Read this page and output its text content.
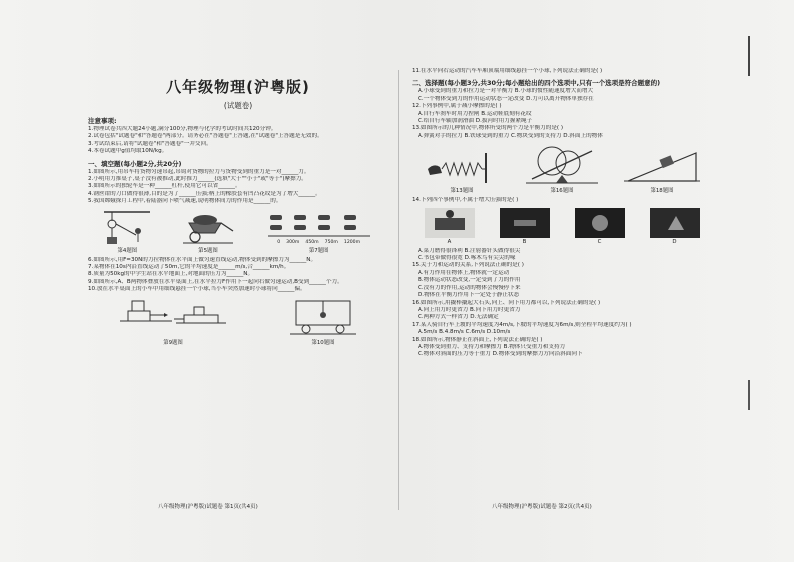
八年级物理(沪粤版)
(试题卷)
注意事项:
1.物理试卷共四大题24小题,满分100分,物理与化学的考试时间共120分钟。
2.试卷包括"试题卷"和"答题卷"两部分。请务必在"答题卷"上答题,在"试题卷"上答题是无效的。
3.考试结束后,请将"试题卷"和"答题卷"一并交回。
4.本卷试题中g值均取10N/kg。
一、填空题(每小题2分,共20分)
1.如图所示,用吊车将货物匀速吊起,吊钩对货物的拉力与货物受到的重力是一对______力。
2.小明用力推桌子,桌子没有被推动,此时推力______(选填"大于""小于"或"等于")摩擦力。
3.如图所示的独轮车是一种______杠杆,使用它可以省______。
4.钢丝钳的刀口做得很薄,目的是为了______压强;柄上的橡胶套有凹凸花纹是为了增大______。
5.我国嫦娥探月工程中,着陆器向下喷气减速,说明物体间力的作用是______的。
第4题图	第5题图
0 300m 450m 750m 1200m
第7题图
6.如图所示,用F=30N的力拉物体在水平面上做匀速直线运动,物体受到的摩擦力为______N。
7.某物体在10s内沿直线运动了50m,它的平均速度是______m/s,合______km/h。
8.质量为50kg的中学生站在水平地面上,对地面的压力为______N。
9.如图所示,A、B两物体叠放在水平桌面上,在水平拉力F作用下一起向右做匀速运动,B受到______个力。
10.放在水平桌面上的小车中用细线悬挂一个小球,当小车突然加速时小球将向______偏。
第9题图	第10题图
八年级物理(沪粤版)试题卷 第1页(共4页)
11.在水平向右运动的汽车车厢顶端用细线悬挂一个小球,下列说法正确的是( )
二、选择题(每小题3分,共30分;每小题给出的四个选项中,只有一个选项是符合题意的)
A.小球受到的重力和拉力是一对平衡力 B.小球的惯性随速度增大而增大
C.一个物体受到力的作用运动状态一定改变 D.力可以离开物体单独存在
12.下列事例中,属于减小摩擦的是( )
A.自行车刹车时用力捏闸 B.运动鞋底刻有花纹
C.给自行车轴加润滑油 D.拔河时用力握紧绳子
13.如图所示的几种情况中,物体所受的两个力是平衡力的是( )
A.弹簧对手的拉力 B.铁球受到的重力 C.物块受到的支持力 D.斜面上的物体
第13题图	第16题图	第18题图
14.下列四个事例中,不属于增大压强的是( )
A	B	C	D
A.菜刀磨得很锋利 B.注射器针头做得很尖
C.书包带做得很宽 D.啄木鸟有尖尖的喙
15.关于力和运动的关系,下列说法正确的是( )
A.有力作用在物体上,物体就一定运动
B.物体运动状态改变,一定受到了力的作用
C.没有力的作用,运动的物体会慢慢停下来
D.物体在平衡力作用下一定处于静止状态
16.如图所示,用撬棒撬起大石头,向上、向下用力都可以,下列说法正确的是( )
A.向上用力时更省力 B.向下用力时更省力
C.两种方式一样省力 D.无法确定
17.某人骑自行车上坡的平均速度为4m/s,下坡的平均速度为6m/s,则全程平均速度约为( )
A.5m/s B.4.8m/s C.6m/s D.10m/s
18.如图所示,物体静止在斜面上,下列说法正确的是( )
A.物体受到重力、支持力和摩擦力 B.物体只受重力和支持力
C.物体对斜面的压力等于重力 D.物体受到的摩擦力方向沿斜面向下
八年级物理(沪粤版)试题卷 第2页(共4页)
